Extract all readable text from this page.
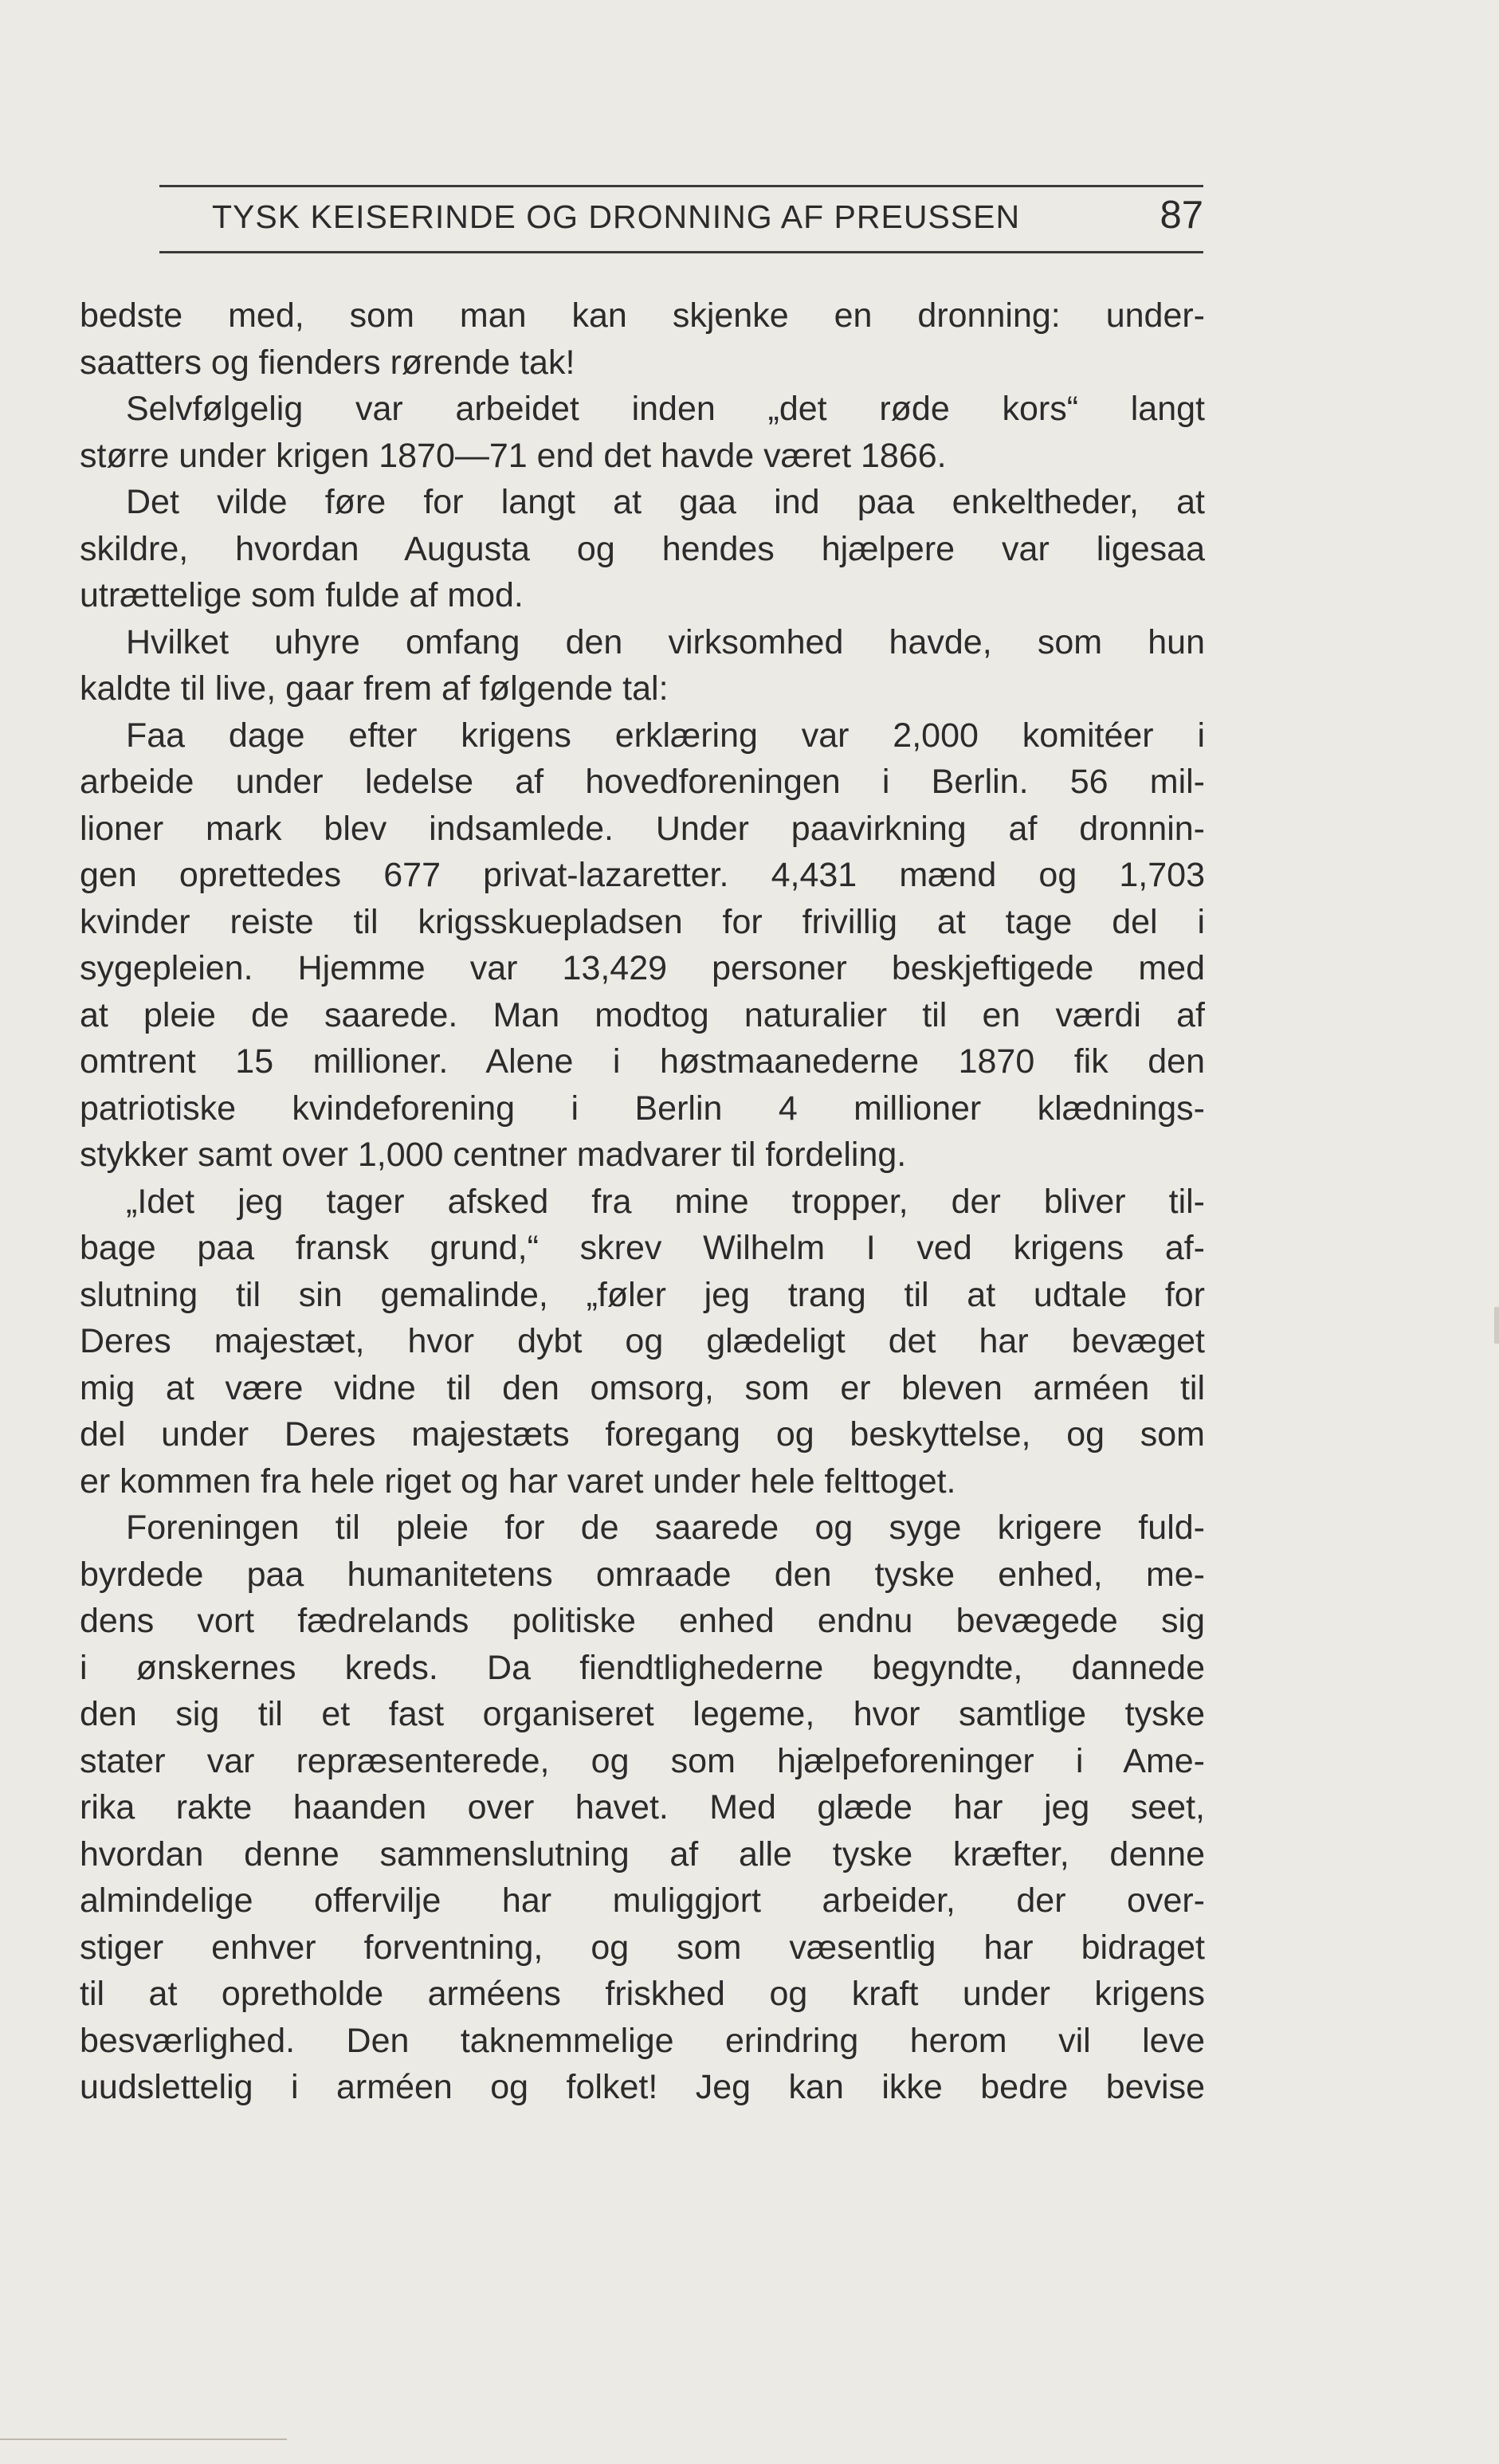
TYSK KEISERINDE OG DRONNING AF PREUSSEN	87
bedste med, som man kan skjenke en dronning: under-
saatters og fienders rørende tak!
Selvfølgelig var arbeidet inden „det røde kors“ langt
større under krigen 1870—71 end det havde været 1866.
Det vilde føre for langt at gaa ind paa enkeltheder, at
skildre, hvordan Augusta og hendes hjælpere var ligesaa
utrættelige som fulde af mod.
Hvilket uhyre omfang den virksomhed havde, som hun
kaldte til live, gaar frem af følgende tal:
Faa dage efter krigens erklæring var 2,000 komitéer i
arbeide under ledelse af hovedforeningen i Berlin. 56 mil-
lioner mark blev indsamlede. Under paavirkning af dronnin-
gen oprettedes 677 privat-lazaretter. 4,431 mænd og 1,703
kvinder reiste til krigsskuepladsen for frivillig at tage del i
sygepleien. Hjemme var 13,429 personer beskjeftigede med
at pleie de saarede. Man modtog naturalier til en værdi af
omtrent 15 millioner. Alene i høstmaanederne 1870 fik den
patriotiske kvindeforening i Berlin 4 millioner klædnings-
stykker samt over 1,000 centner madvarer til fordeling.
„Idet jeg tager afsked fra mine tropper, der bliver til-
bage paa fransk grund,“ skrev Wilhelm I ved krigens af-
slutning til sin gemalinde, „føler jeg trang til at udtale for
Deres majestæt, hvor dybt og glædeligt det har bevæget
mig at være vidne til den omsorg, som er bleven arméen til
del under Deres majestæts foregang og beskyttelse, og som
er kommen fra hele riget og har varet under hele felttoget.
Foreningen til pleie for de saarede og syge krigere fuld-
byrdede paa humanitetens omraade den tyske enhed, me-
dens vort fædrelands politiske enhed endnu bevægede sig
i ønskernes kreds. Da fiendtlighederne begyndte, dannede
den sig til et fast organiseret legeme, hvor samtlige tyske
stater var repræsenterede, og som hjælpeforeninger i Ame-
rika rakte haanden over havet. Med glæde har jeg seet,
hvordan denne sammenslutning af alle tyske kræfter, denne
almindelige offervilje har muliggjort arbeider, der over-
stiger enhver forventning, og som væsentlig har bidraget
til at opretholde arméens friskhed og kraft under krigens
besværlighed. Den taknemmelige erindring herom vil leve
uudslettelig i arméen og folket! Jeg kan ikke bedre bevise
